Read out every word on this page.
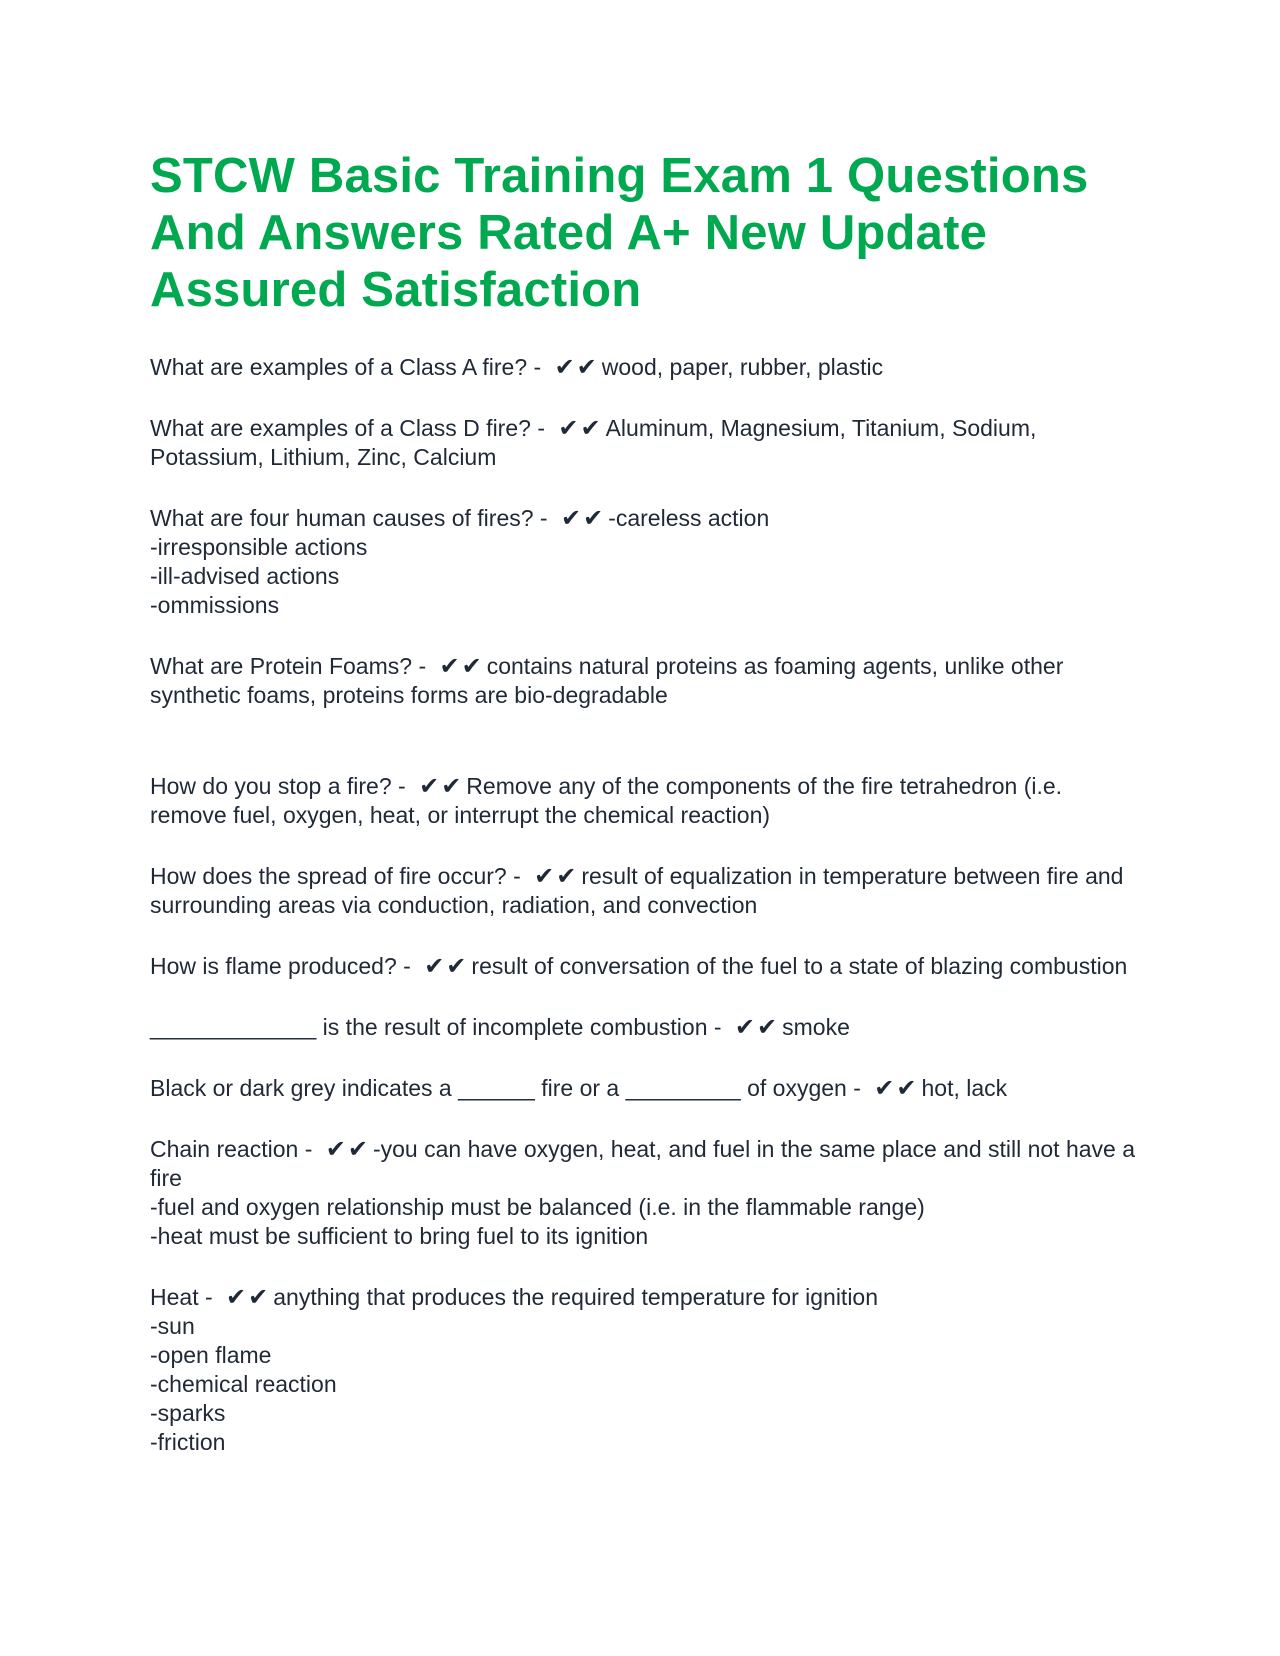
STCW Basic Training Exam 1 Questions And Answers Rated A+ New Update Assured Satisfaction
What are examples of a Class A fire? - ✔✔ wood, paper, rubber, plastic
What are examples of a Class D fire? - ✔✔ Aluminum, Magnesium, Titanium, Sodium, Potassium, Lithium, Zinc, Calcium
What are four human causes of fires? - ✔✔ -careless action
-irresponsible actions
-ill-advised actions
-ommissions
What are Protein Foams? - ✔✔ contains natural proteins as foaming agents, unlike other synthetic foams, proteins forms are bio-degradable
How do you stop a fire? - ✔✔ Remove any of the components of the fire tetrahedron (i.e. remove fuel, oxygen, heat, or interrupt the chemical reaction)
How does the spread of fire occur? - ✔✔ result of equalization in temperature between fire and surrounding areas via conduction, radiation, and convection
How is flame produced? - ✔✔ result of conversation of the fuel to a state of blazing combustion
_____________ is the result of incomplete combustion - ✔✔ smoke
Black or dark grey indicates a ______ fire or a _________ of oxygen - ✔✔ hot, lack
Chain reaction - ✔✔ -you can have oxygen, heat, and fuel in the same place and still not have a fire
-fuel and oxygen relationship must be balanced (i.e. in the flammable range)
-heat must be sufficient to bring fuel to its ignition
Heat - ✔✔ anything that produces the required temperature for ignition
-sun
-open flame
-chemical reaction
-sparks
-friction
